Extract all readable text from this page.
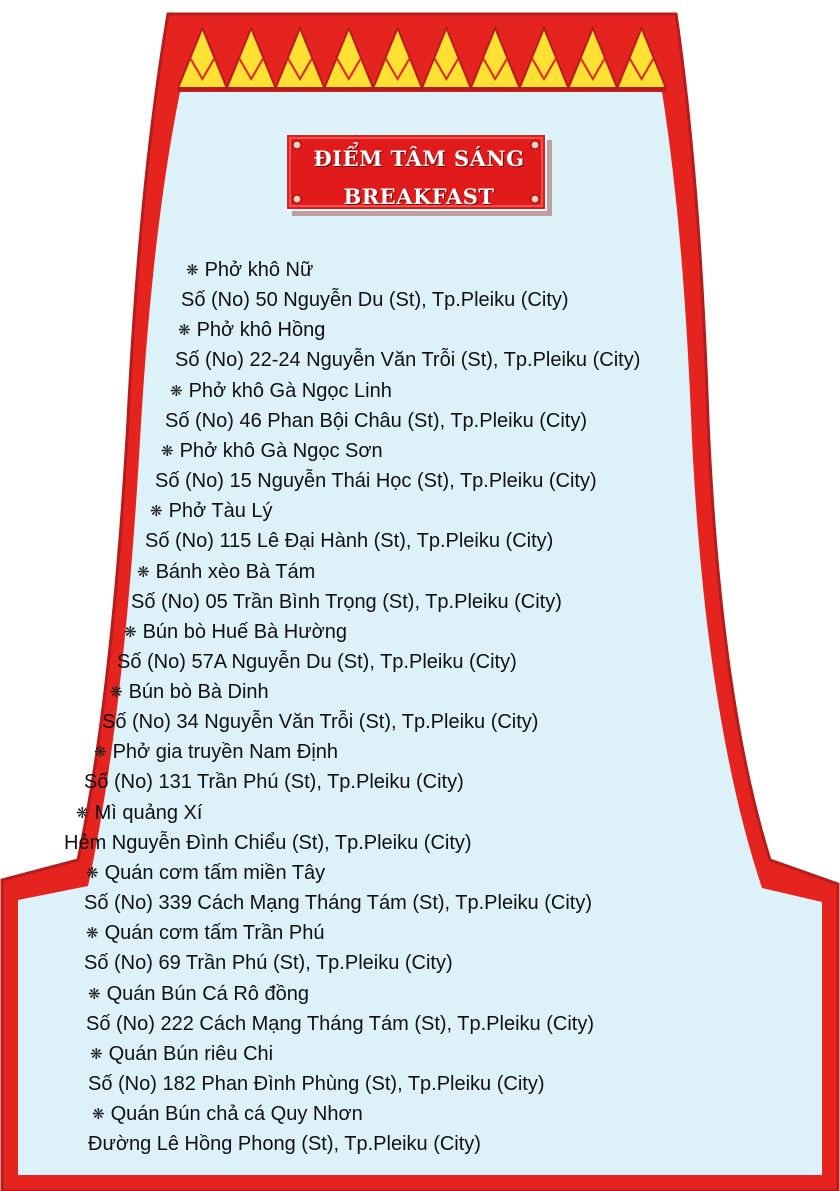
ĐIỂM TÂM SÁNG
BREAKFAST
❋ Phở khô Nữ
Số (No) 50 Nguyễn Du (St), Tp.Pleiku (City)
❋ Phở khô Hồng
Số (No) 22-24 Nguyễn Văn Trỗi (St), Tp.Pleiku (City)
❋ Phở khô Gà Ngọc Linh
Số (No) 46 Phan Bội Châu (St), Tp.Pleiku (City)
❋ Phở khô Gà Ngọc Sơn
Số (No) 15 Nguyễn Thái Học (St), Tp.Pleiku (City)
❋ Phở Tàu Lý
Số (No) 115 Lê Đại Hành (St), Tp.Pleiku (City)
❋ Bánh xèo Bà Tám
Số (No) 05 Trần Bình Trọng (St), Tp.Pleiku (City)
❋ Bún bò Huế Bà Hường
Số (No) 57A Nguyễn Du (St), Tp.Pleiku (City)
❋ Bún bò Bà Dinh
Số (No) 34 Nguyễn Văn Trỗi (St), Tp.Pleiku (City)
❋ Phở gia truyền Nam Định
Số (No) 131 Trần Phú (St), Tp.Pleiku (City)
❋ Mì quảng Xí
Hẻm Nguyễn Đình Chiểu (St), Tp.Pleiku (City)
❋ Quán cơm tấm miền Tây
Số (No) 339 Cách Mạng Tháng Tám (St), Tp.Pleiku (City)
❋ Quán cơm tấm Trần Phú
Số (No) 69 Trần Phú (St), Tp.Pleiku (City)
❋ Quán Bún Cá Rô đồng
Số (No) 222 Cách Mạng Tháng Tám (St), Tp.Pleiku (City)
❋ Quán Bún riêu Chi
Số (No) 182 Phan Đình Phùng (St), Tp.Pleiku (City)
❋ Quán Bún chả cá Quy Nhơn
Đường Lê Hồng Phong (St), Tp.Pleiku (City)
